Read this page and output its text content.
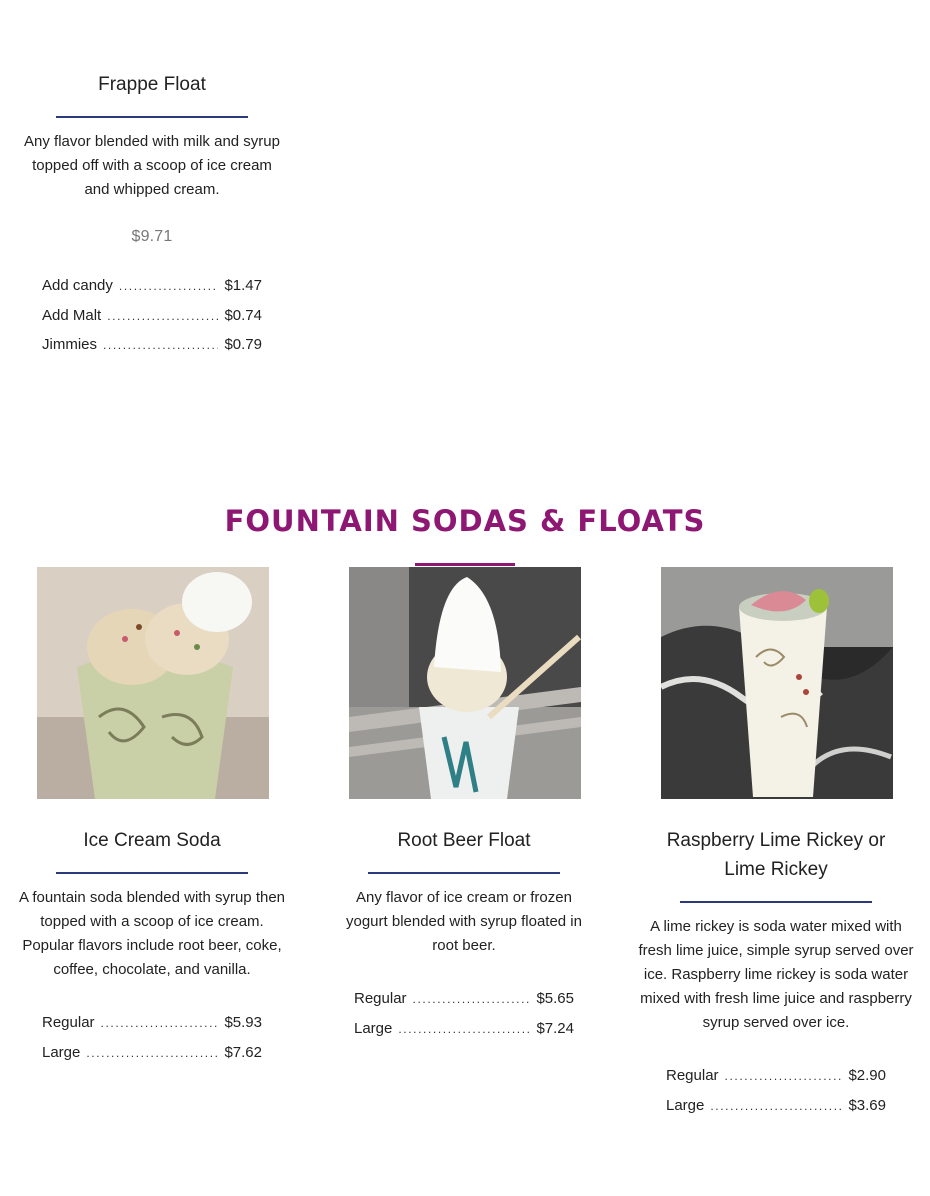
Frappe Float

Any flavor blended with milk and syrup topped off with a scoop of ice cream and whipped cream.

$9.71
Add candy .....	$1.47
Add Malt .....	$0.74
Jimmies .....	$0.79
FOUNTAIN SODAS & FLOATS

Ice Cream Soda

A fountain soda blended with syrup then topped with a scoop of ice cream. Popular flavors include root beer, coke, coffee, chocolate, and vanilla.

Regular .....	$5.93
Large .....	$7.62

Root Beer Float

Any flavor of ice cream or frozen yogurt blended with syrup floated in root beer.

Regular .....	$5.65
Large .....	$7.24

Raspberry Lime Rickey or Lime Rickey

A lime rickey is soda water mixed with fresh lime juice, simple syrup served over ice. Raspberry lime rickey is soda water mixed with fresh lime juice and raspberry syrup served over ice.

Regular .....	$2.90
Large .....	$3.69
